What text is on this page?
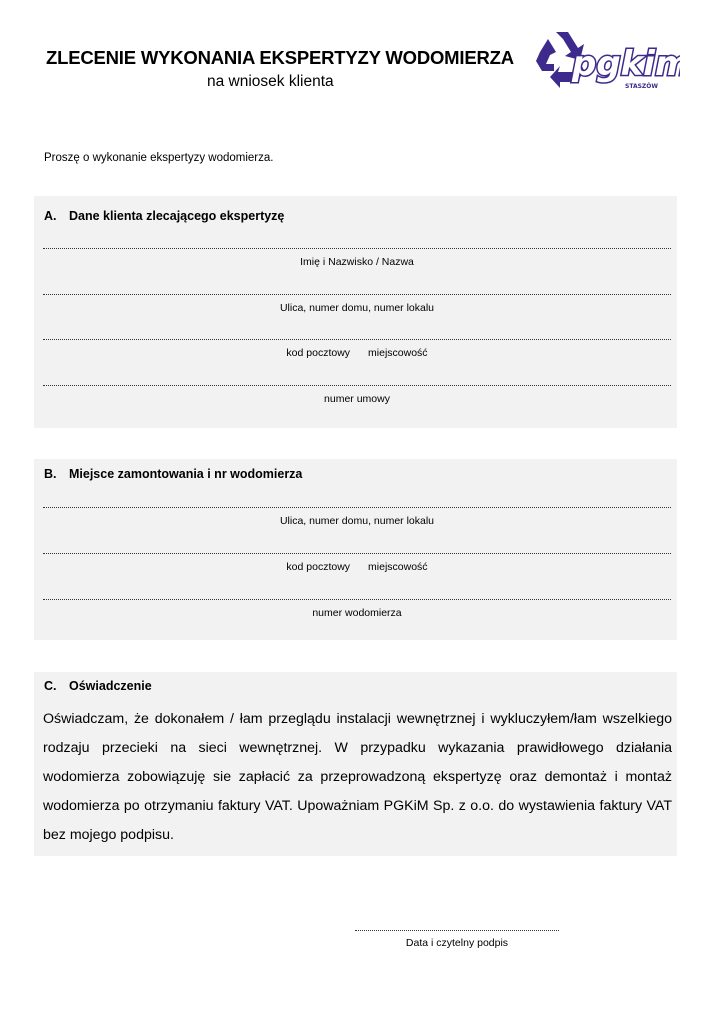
ZLECENIE WYKONANIA EKSPERTYZY WODOMIERZA
na wniosek klienta	pgkim
STASZÓW
Proszę o wykonanie ekspertyzy wodomierza.
A. Dane klienta zlecającego ekspertyzę
Imię i Nazwisko / Nazwa
Ulica, numer domu, numer lokalu
kod pocztowy miejscowość
numer umowy
B. Miejsce zamontowania i nr wodomierza
Ulica, numer domu, numer lokalu
kod pocztowy miejscowość
numer wodomierza
C. Oświadczenie
Oświadczam, że dokonałem / łam przeglądu instalacji wewnętrznej i wykluczyłem/łam wszelkiego rodzaju przecieki na sieci wewnętrznej. W przypadku wykazania prawidłowego działania wodomierza zobowiązuję sie zapłacić za przeprowadzoną ekspertyzę oraz demontaż i montaż wodomierza po otrzymaniu faktury VAT. Upoważniam PGKiM Sp. z o.o. do wystawienia faktury VAT bez mojego podpisu.
Data i czytelny podpis
